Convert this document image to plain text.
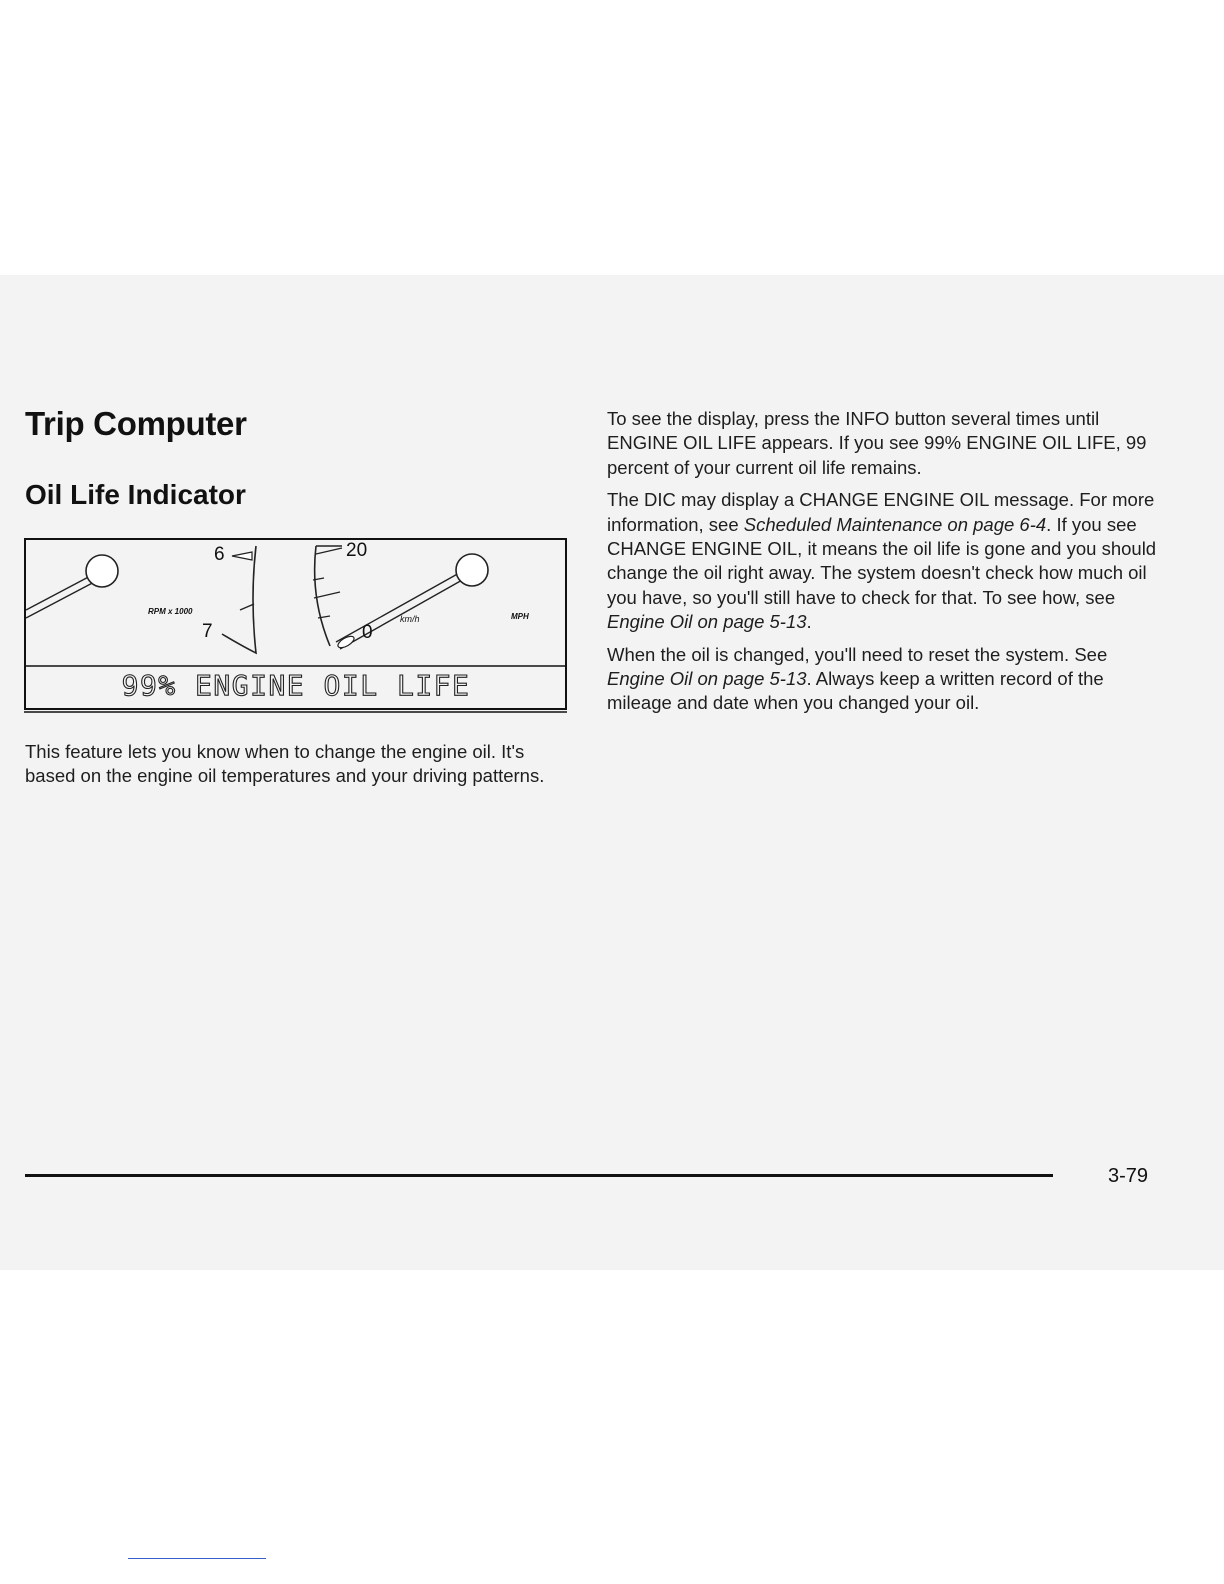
Trip Computer
Oil Life Indicator
6
7
RPM x 1000
20
0
km/h	MPH
99% ENGINE OIL LIFE

This feature lets you know when to change the engine oil. It's based on the engine oil temperatures and your driving patterns.

To see the display, press the INFO button several times until ENGINE OIL LIFE appears. If you see 99% ENGINE OIL LIFE, 99 percent of your current oil life remains.

The DIC may display a CHANGE ENGINE OIL message. For more information, see Scheduled Maintenance on page 6-4. If you see CHANGE ENGINE OIL, it means the oil life is gone and you should change the oil right away. The system doesn't check how much oil you have, so you'll still have to check for that. To see how, see Engine Oil on page 5-13.

When the oil is changed, you'll need to reset the system. See Engine Oil on page 5-13. Always keep a written record of the mileage and date when you changed your oil.

3-79
